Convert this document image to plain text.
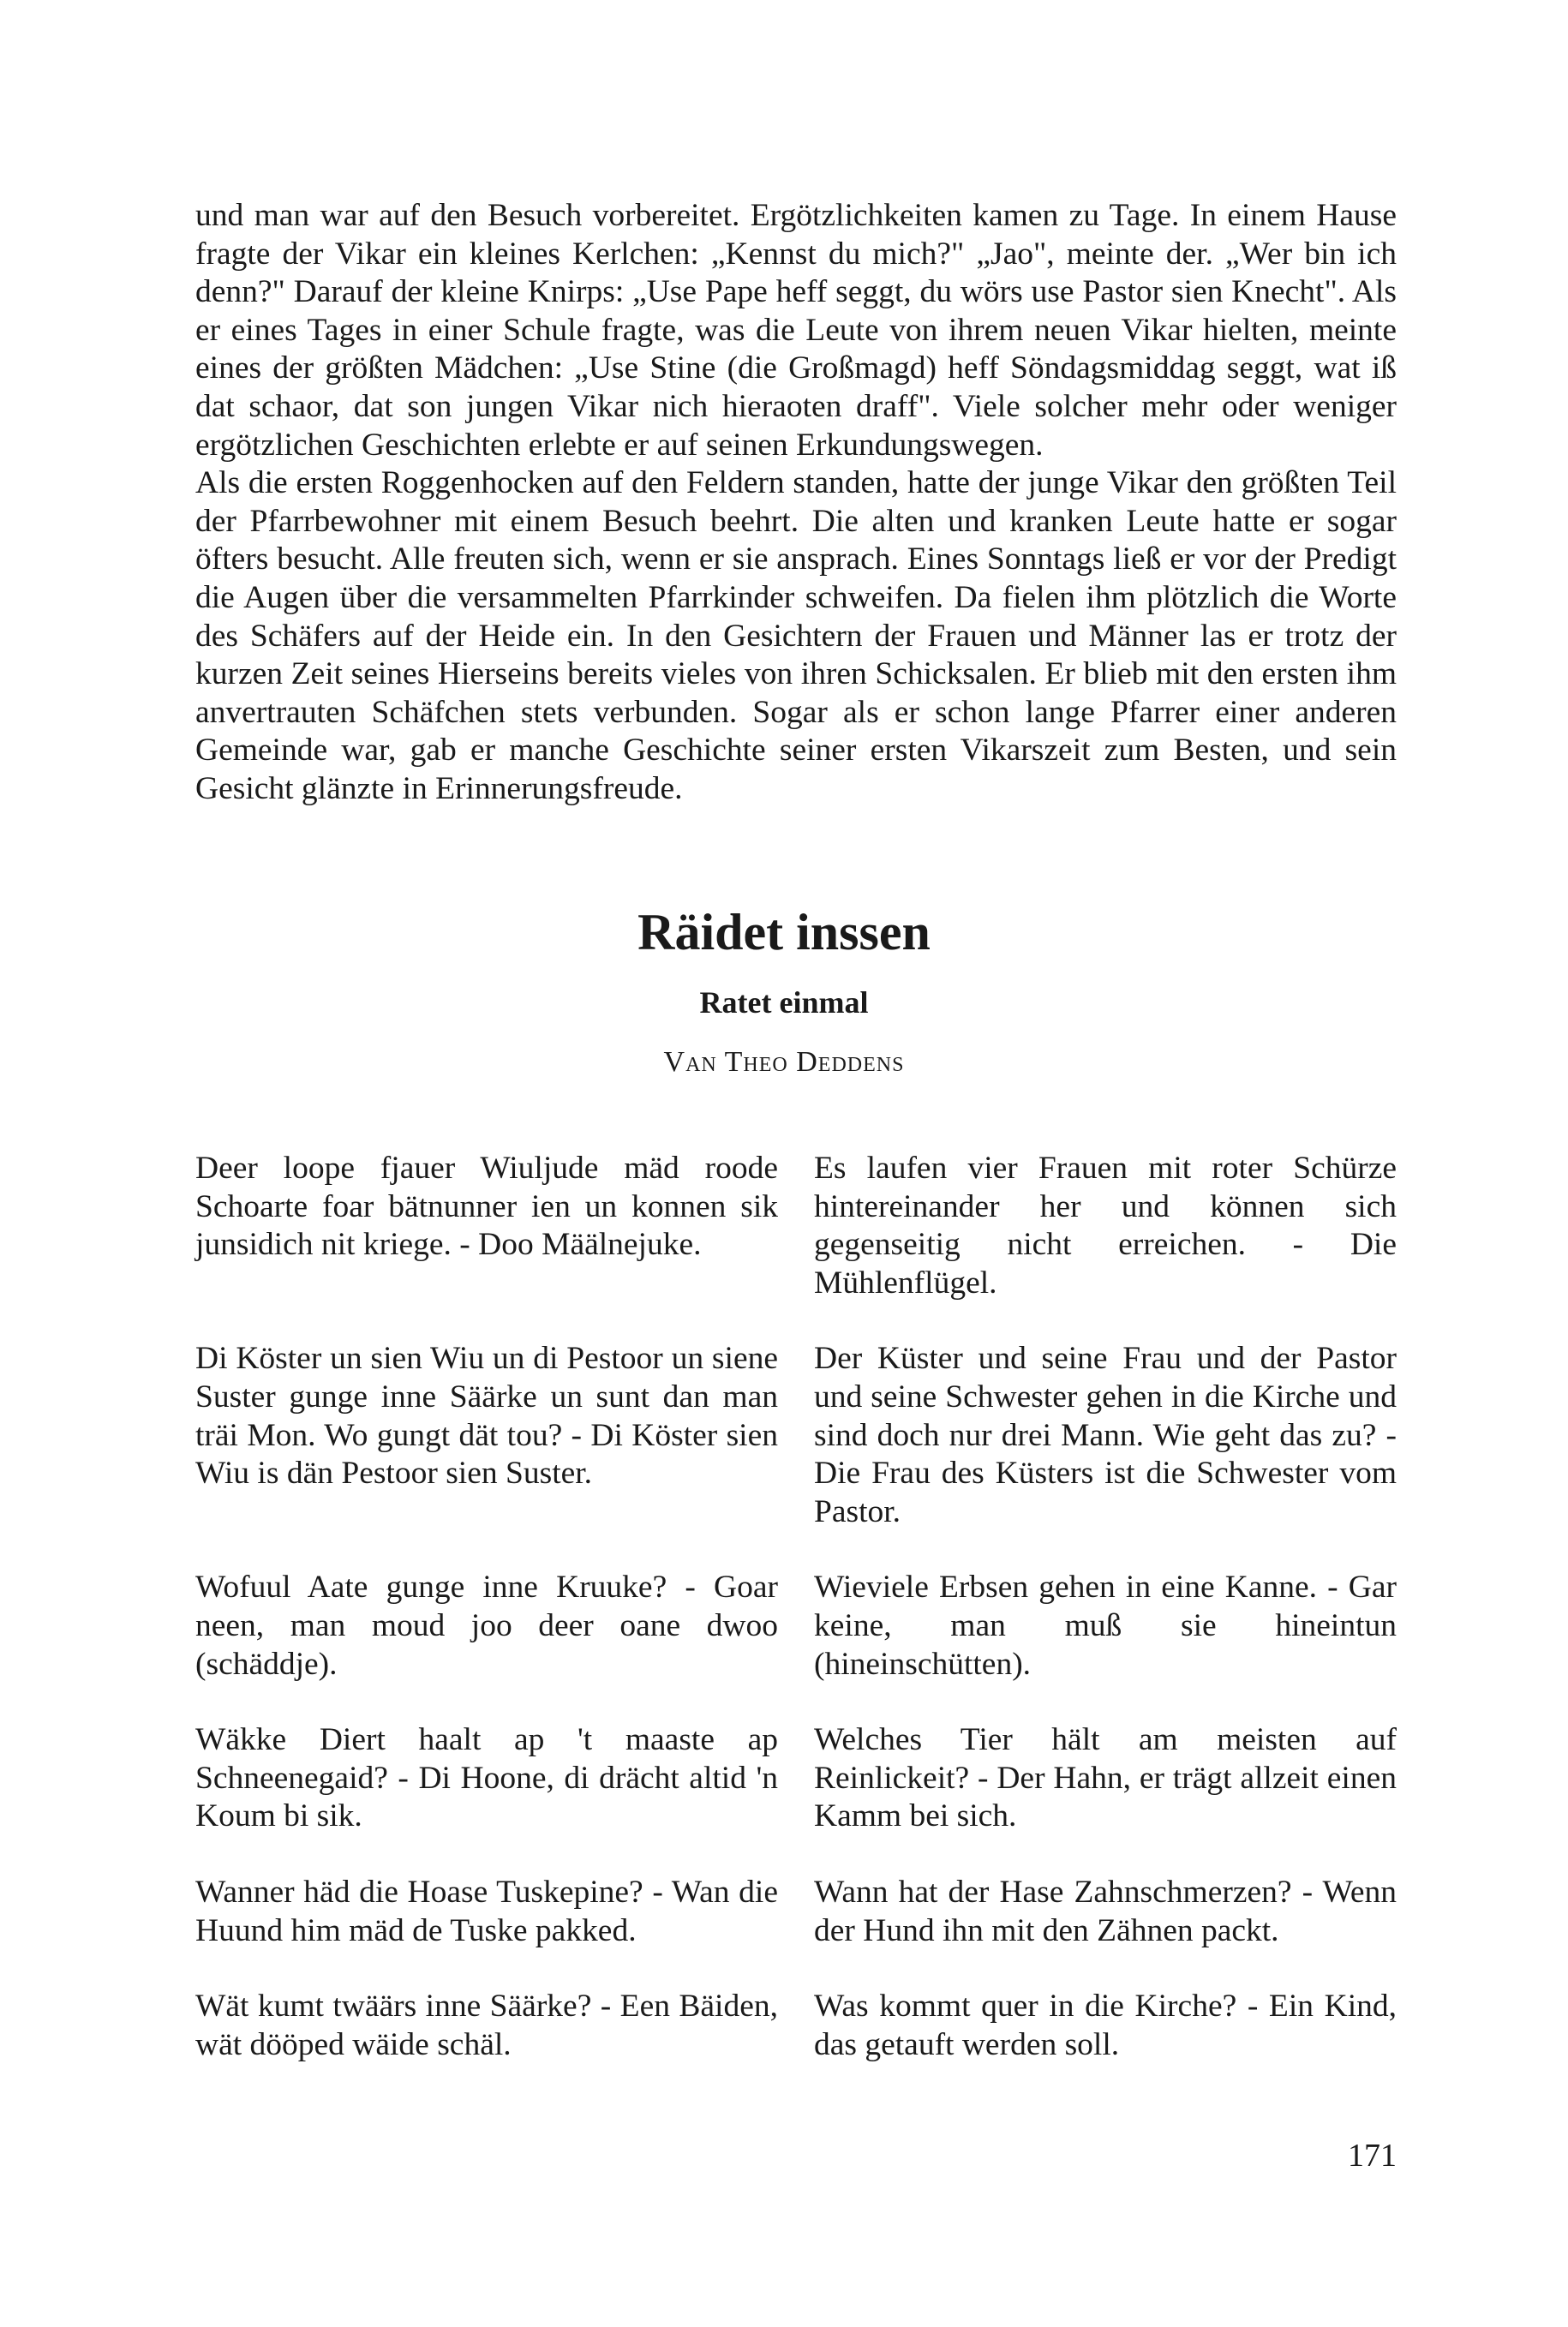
und man war auf den Besuch vorbereitet. Ergötzlichkeiten kamen zu Tage. In einem Hause fragte der Vikar ein kleines Kerlchen: „Kennst du mich?" „Jao", meinte der. „Wer bin ich denn?" Darauf der kleine Knirps: „Use Pape heff seggt, du wörs use Pastor sien Knecht". Als er eines Tages in einer Schule fragte, was die Leute von ihrem neuen Vikar hielten, meinte eines der größten Mädchen: „Use Stine (die Großmagd) heff Söndagsmiddag seggt, wat iß dat schaor, dat son jungen Vikar nich hieraoten draff". Viele solcher mehr oder weniger ergötzlichen Geschichten erlebte er auf seinen Erkundungswegen.

Als die ersten Roggenhocken auf den Feldern standen, hatte der junge Vikar den größten Teil der Pfarrbewohner mit einem Besuch beehrt. Die alten und kranken Leute hatte er sogar öfters besucht. Alle freuten sich, wenn er sie ansprach. Eines Sonntags ließ er vor der Predigt die Augen über die versammelten Pfarrkinder schweifen. Da fielen ihm plötzlich die Worte des Schäfers auf der Heide ein. In den Gesichtern der Frauen und Männer las er trotz der kurzen Zeit seines Hierseins bereits vieles von ihren Schicksalen. Er blieb mit den ersten ihm anvertrauten Schäfchen stets verbunden. Sogar als er schon lange Pfarrer einer anderen Gemeinde war, gab er manche Geschichte seiner ersten Vikarszeit zum Besten, und sein Gesicht glänzte in Erinnerungsfreude.

Räidet inssen
Ratet einmal
Van Theo Deddens
Deer loope fjauer Wiuljude mäd roode Schoarte foar bätnunner ien un konnen sik junsidich nit kriege. - Doo Määlnejuke.
Es laufen vier Frauen mit roter Schürze hintereinander her und können sich gegenseitig nicht erreichen. - Die Mühlenflügel.
Di Köster un sien Wiu un di Pestoor un siene Suster gunge inne Säärke un sunt dan man träi Mon. Wo gungt dät tou? - Di Köster sien Wiu is dän Pestoor sien Suster.
Der Küster und seine Frau und der Pastor und seine Schwester gehen in die Kirche und sind doch nur drei Mann. Wie geht das zu? - Die Frau des Küsters ist die Schwester vom Pastor.
Wofuul Aate gunge inne Kruuke? - Goar neen, man moud joo deer oane dwoo (schäddje).
Wieviele Erbsen gehen in eine Kanne. - Gar keine, man muß sie hineintun (hineinschütten).
Wäkke Diert haalt ap 't maaste ap Schneenegaid? - Di Hoone, di drächt altid 'n Koum bi sik.
Welches Tier hält am meisten auf Reinlickeit? - Der Hahn, er trägt allzeit einen Kamm bei sich.
Wanner häd die Hoase Tuskepine? - Wan die Huund him mäd de Tuske pakked.
Wann hat der Hase Zahnschmerzen? - Wenn der Hund ihn mit den Zähnen packt.
Wät kumt twäärs inne Säärke? - Een Bäiden, wät dööped wäide schäl.
Was kommt quer in die Kirche? - Ein Kind, das getauft werden soll.
171
